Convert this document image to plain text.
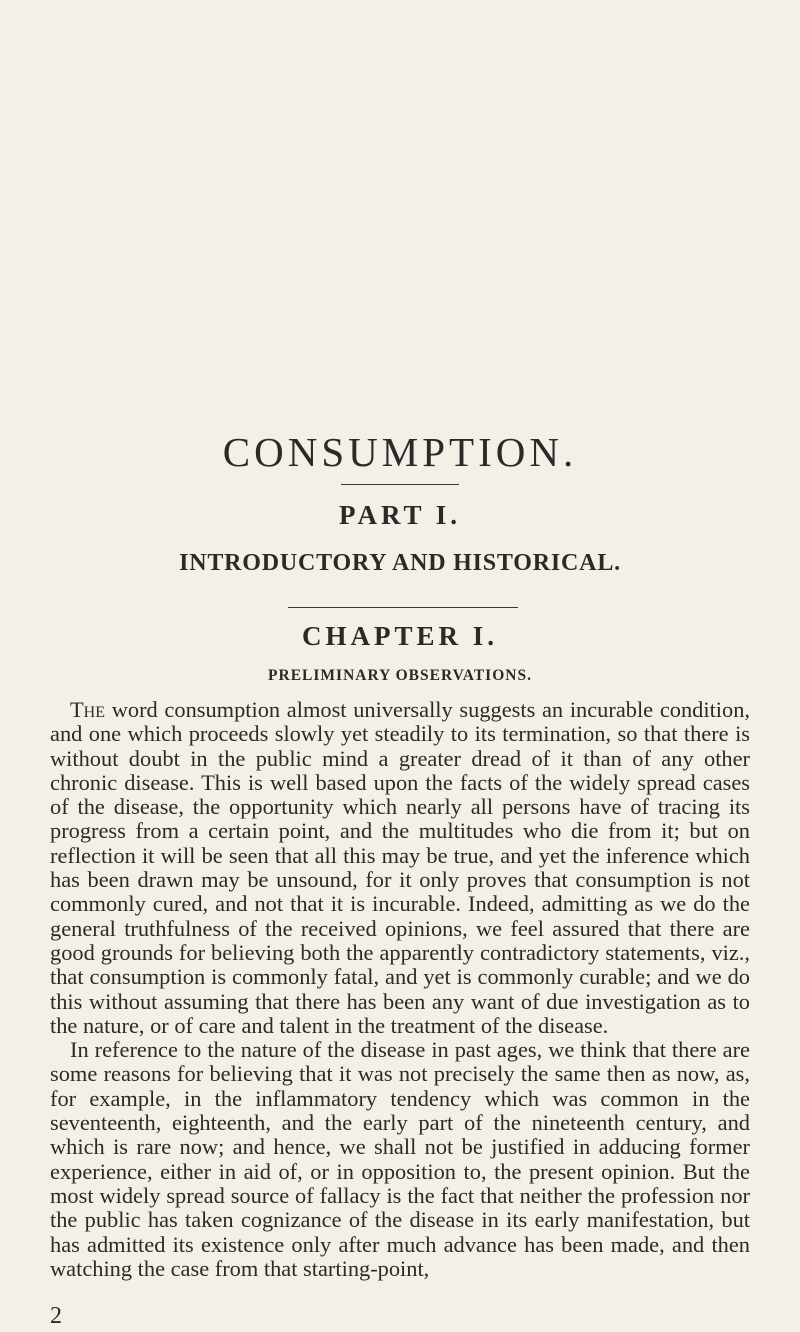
CONSUMPTION.
PART I.
INTRODUCTORY AND HISTORICAL.
CHAPTER I.
PRELIMINARY OBSERVATIONS.

The word consumption almost universally suggests an incurable condition, and one which proceeds slowly yet steadily to its termination, so that there is without doubt in the public mind a greater dread of it than of any other chronic disease. This is well based upon the facts of the widely spread cases of the disease, the opportunity which nearly all persons have of tracing its progress from a certain point, and the multitudes who die from it; but on reflection it will be seen that all this may be true, and yet the inference which has been drawn may be unsound, for it only proves that consumption is not commonly cured, and not that it is incurable. Indeed, admitting as we do the general truthfulness of the received opinions, we feel assured that there are good grounds for believing both the apparently contradictory statements, viz., that consumption is commonly fatal, and yet is commonly curable; and we do this without assuming that there has been any want of due investigation as to the nature, or of care and talent in the treatment of the disease.

In reference to the nature of the disease in past ages, we think that there are some reasons for believing that it was not precisely the same then as now, as, for example, in the inflammatory tendency which was common in the seventeenth, eighteenth, and the early part of the nineteenth century, and which is rare now; and hence, we shall not be justified in adducing former experience, either in aid of, or in opposition to, the present opinion. But the most widely spread source of fallacy is the fact that neither the profession nor the public has taken cognizance of the disease in its early manifestation, but has admitted its existence only after much advance has been made, and then watching the case from that starting-point,

2
